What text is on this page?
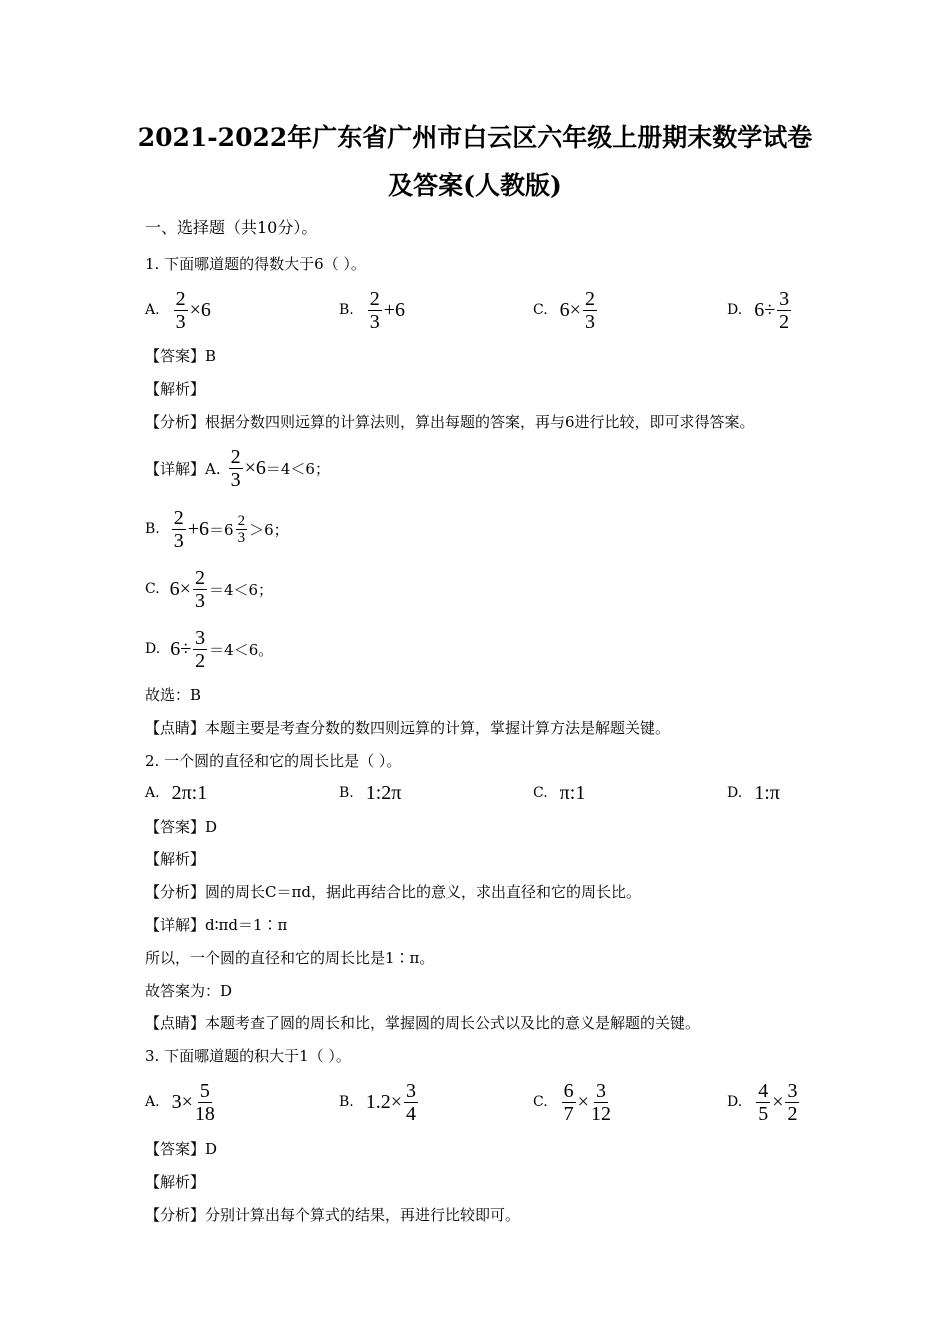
2021-2022年广东省广州市白云区六年级上册期末数学试卷
及答案(人教版)
一、选择题（共10分）。
1. 下面哪道题的得数大于6（ ）。
A. $\frac{2}{3} \times 6$	B. $\frac{2}{3} +6$	C. $6\times \frac{2}{3}$	D. $6\div \frac{3}{2}$
【答案】B
【解析】
【分析】根据分数四则远算的计算法则，算出每题的答案，再与6进行比较，即可求得答案。
【详解】A. $\frac{2}{3} \times 6 =4<6$；
B. $\frac{2}{3} +6 =6 \frac{2}{3} >6$；
C. $6\times \frac{2}{3} =4<6$；
D. $6\div \frac{3}{2} =4<6$。
故选：B
【点睛】本题主要是考查分数的数四则远算的计算，掌握计算方法是解题关键。
2. 一个圆的直径和它的周长比是（ ）。
A. 2π:1	B. 1:2π	C. π:1	D. 1:π
【答案】D
【解析】
【分析】圆的周长C＝πd，据此再结合比的意义，求出直径和它的周长比。
【详解】d∶πd＝1∶π
所以，一个圆的直径和它的周长比是1∶π。
故答案为：D
【点睛】本题考查了圆的周长和比，掌握圆的周长公式以及比的意义是解题的关键。
3. 下面哪道题的积大于1（ ）。
A. $3\times \frac{5}{18}$	B. $1.2\times \frac{3}{4}$	C. $\frac{6}{7} \times \frac{3}{12}$	D. $\frac{4}{5} \times \frac{3}{2}$
【答案】D
【解析】
【分析】分别计算出每个算式的结果，再进行比较即可。
